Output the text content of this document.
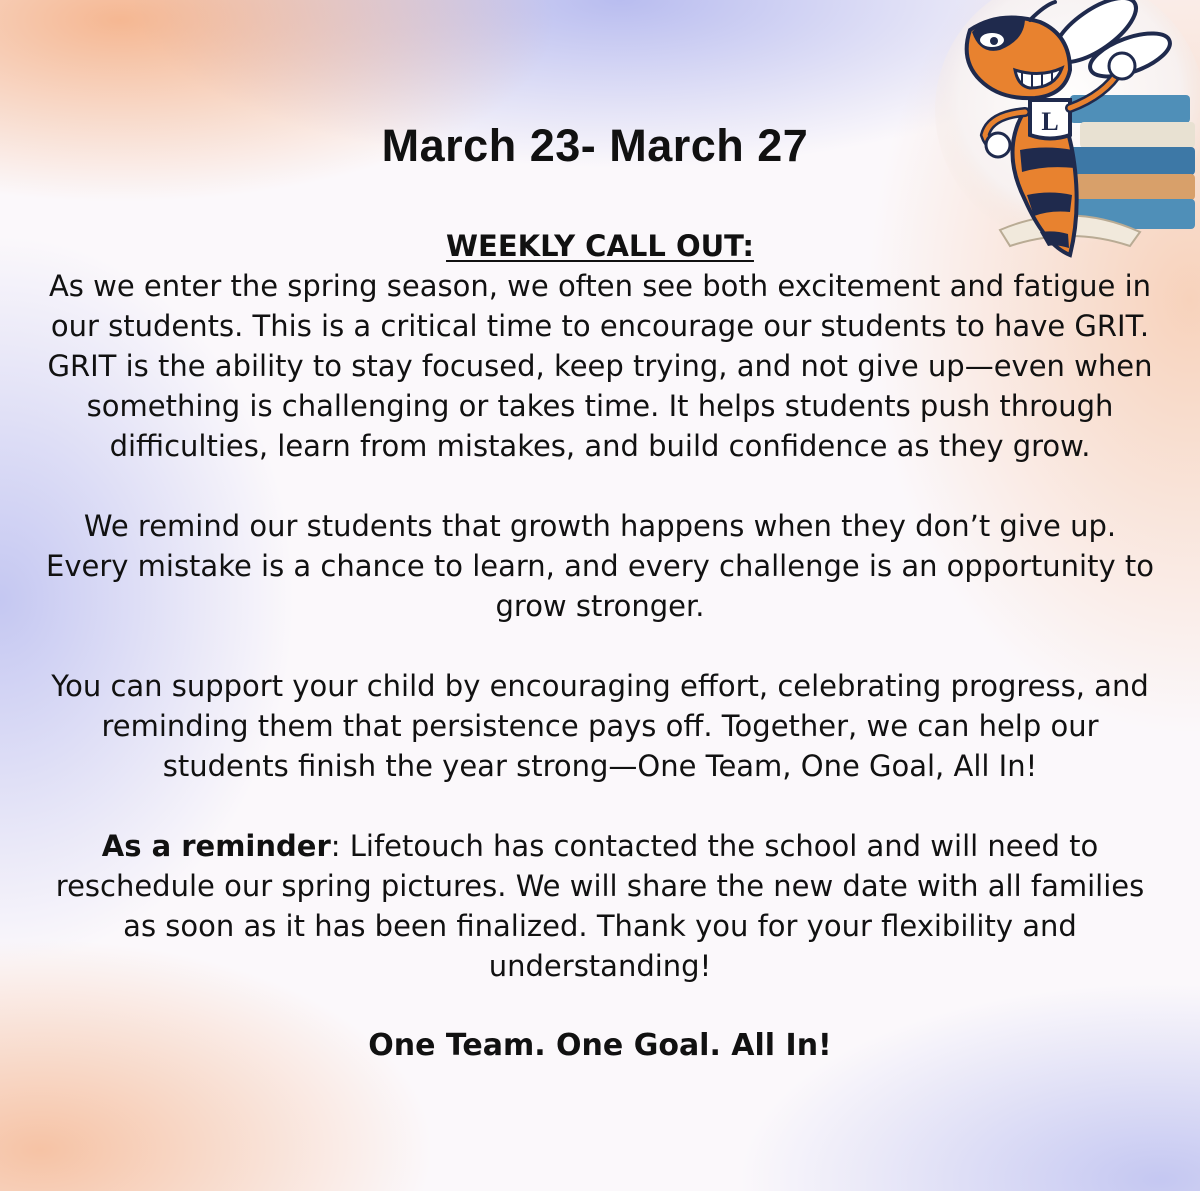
L
March 23- March 27

WEEKLY CALL OUT:

As we enter the spring season, we often see both excitement and fatigue in our students. This is a critical time to encourage our students to have GRIT. GRIT is the ability to stay focused, keep trying, and not give up—even when something is challenging or takes time. It helps students push through difficulties, learn from mistakes, and build confidence as they grow.

We remind our students that growth happens when they don’t give up. Every mistake is a chance to learn, and every challenge is an opportunity to grow stronger.

You can support your child by encouraging effort, celebrating progress, and reminding them that persistence pays off. Together, we can help our students finish the year strong—One Team, One Goal, All In!

As a reminder: Lifetouch has contacted the school and will need to reschedule our spring pictures. We will share the new date with all families as soon as it has been finalized. Thank you for your flexibility and understanding!

One Team. One Goal. All In!
